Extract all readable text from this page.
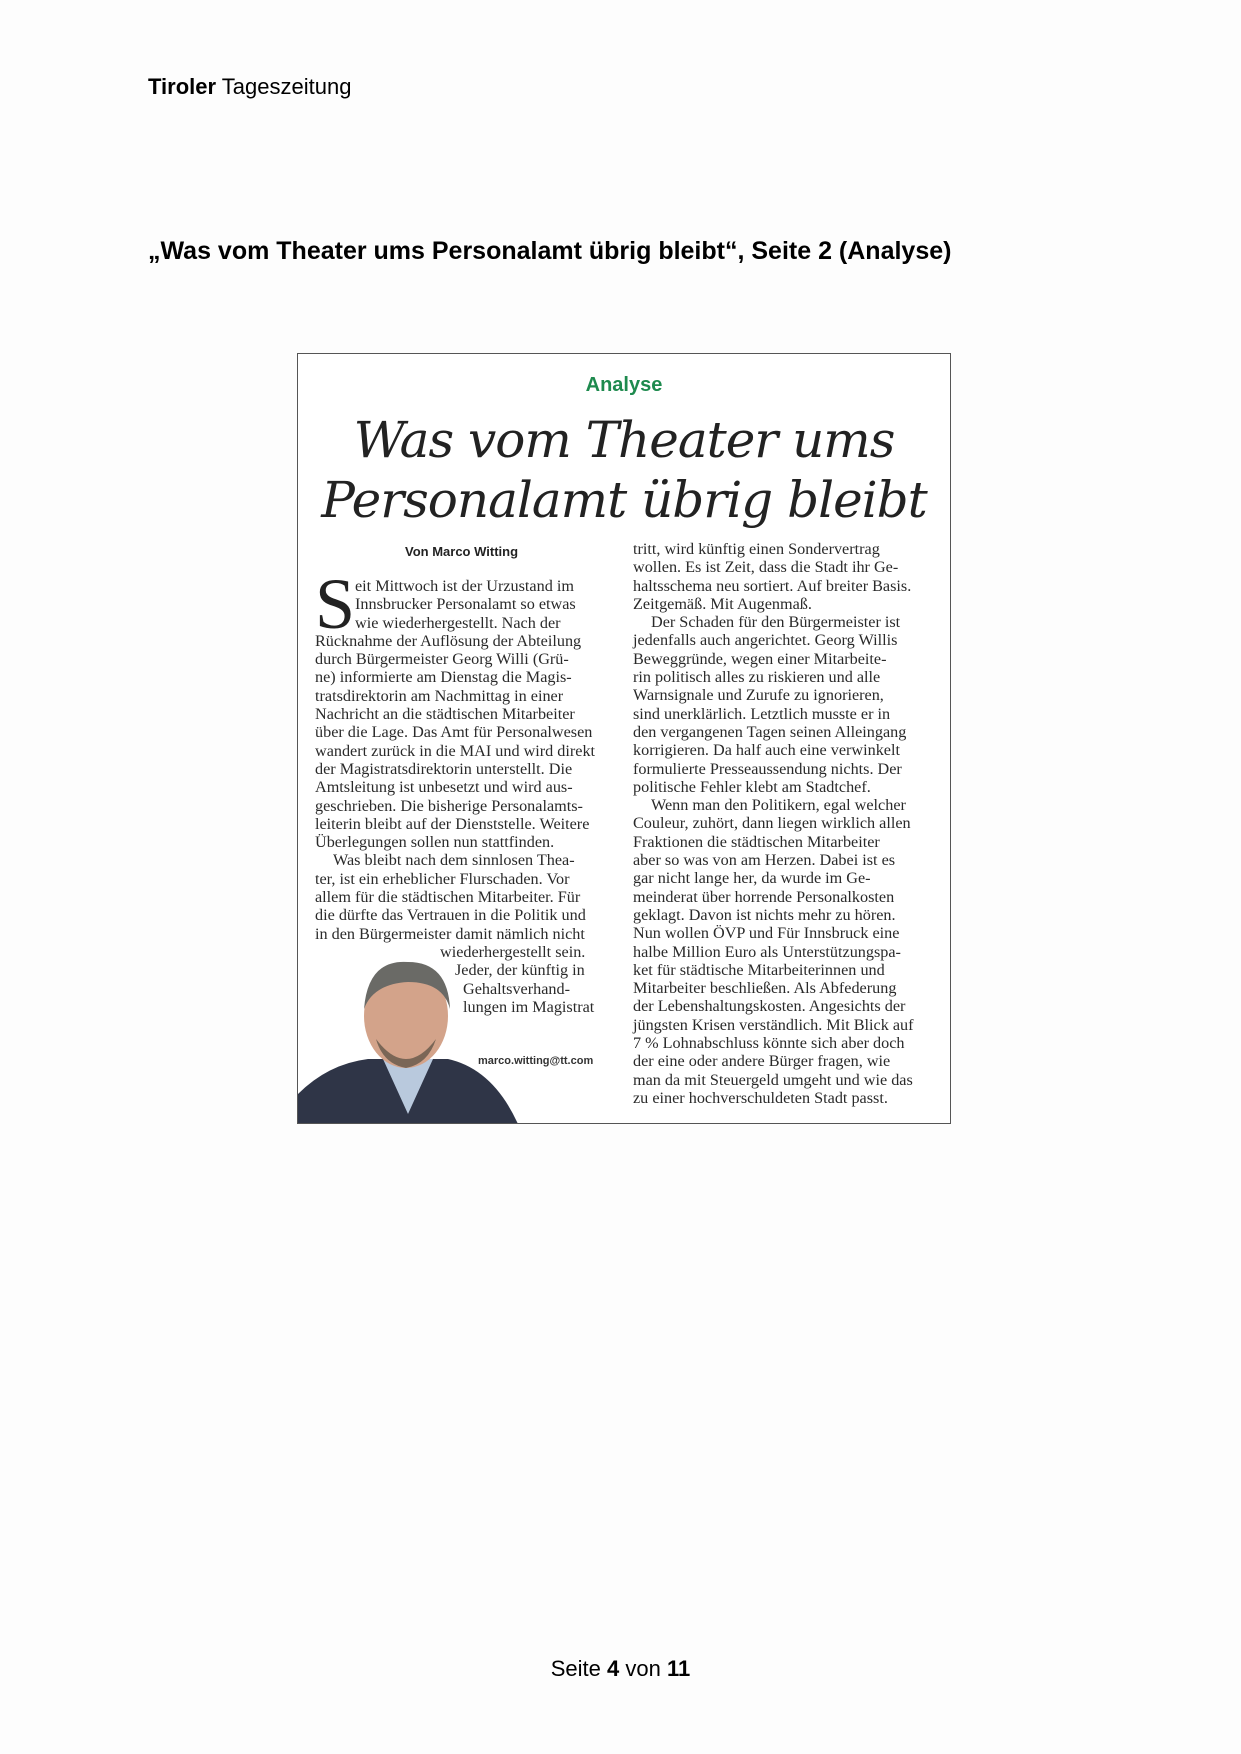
Tiroler Tageszeitung
„Was vom Theater ums Personalamt übrig bleibt“, Seite 2 (Analyse)
Analyse
Was vom Theater ums
Personalamt übrig bleibt
Von Marco Witting
S eit Mittwoch ist der Urzustand im
Innsbrucker Personalamt so etwas
wie wiederhergestellt. Nach der
Rücknahme der Auflösung der Abteilung
durch Bürgermeister Georg Willi (Grü-
ne) informierte am Dienstag die Magis-
tratsdirektorin am Nachmittag in einer
Nachricht an die städtischen Mitarbeiter
über die Lage. Das Amt für Personalwesen
wandert zurück in die MAI und wird direkt
der Magistratsdirektorin unterstellt. Die
Amtsleitung ist unbesetzt und wird aus-
geschrieben. Die bisherige Personalamts-
leiterin bleibt auf der Dienststelle. Weitere
Überlegungen sollen nun stattfinden.
Was bleibt nach dem sinnlosen Thea-
ter, ist ein erheblicher Flurschaden. Vor
allem für die städtischen Mitarbeiter. Für
die dürfte das Vertrauen in die Politik und
in den Bürgermeister damit nämlich nicht
wiederhergestellt sein.
Jeder, der künftig in
Gehaltsverhand-
lungen im Magistrat
tritt, wird künftig einen Sondervertrag
wollen. Es ist Zeit, dass die Stadt ihr Ge-
haltsschema neu sortiert. Auf breiter Basis.
Zeitgemäß. Mit Augenmaß.
Der Schaden für den Bürgermeister ist
jedenfalls auch angerichtet. Georg Willis
Beweggründe, wegen einer Mitarbeite-
rin politisch alles zu riskieren und alle
Warnsignale und Zurufe zu ignorieren,
sind unerklärlich. Letztlich musste er in
den vergangenen Tagen seinen Alleingang
korrigieren. Da half auch eine verwinkelt
formulierte Presseaussendung nichts. Der
politische Fehler klebt am Stadtchef.
Wenn man den Politikern, egal welcher
Couleur, zuhört, dann liegen wirklich allen
Fraktionen die städtischen Mitarbeiter
aber so was von am Herzen. Dabei ist es
gar nicht lange her, da wurde im Ge-
meinderat über horrende Personalkosten
geklagt. Davon ist nichts mehr zu hören.
Nun wollen ÖVP und Für Innsbruck eine
halbe Million Euro als Unterstützungspa-
ket für städtische Mitarbeiterinnen und
Mitarbeiter beschließen. Als Abfederung
der Lebenshaltungskosten. Angesichts der
jüngsten Krisen verständlich. Mit Blick auf
7 % Lohnabschluss könnte sich aber doch
der eine oder andere Bürger fragen, wie
man da mit Steuergeld umgeht und wie das
zu einer hochverschuldeten Stadt passt.
marco.witting@tt.com
Seite 4 von 11
